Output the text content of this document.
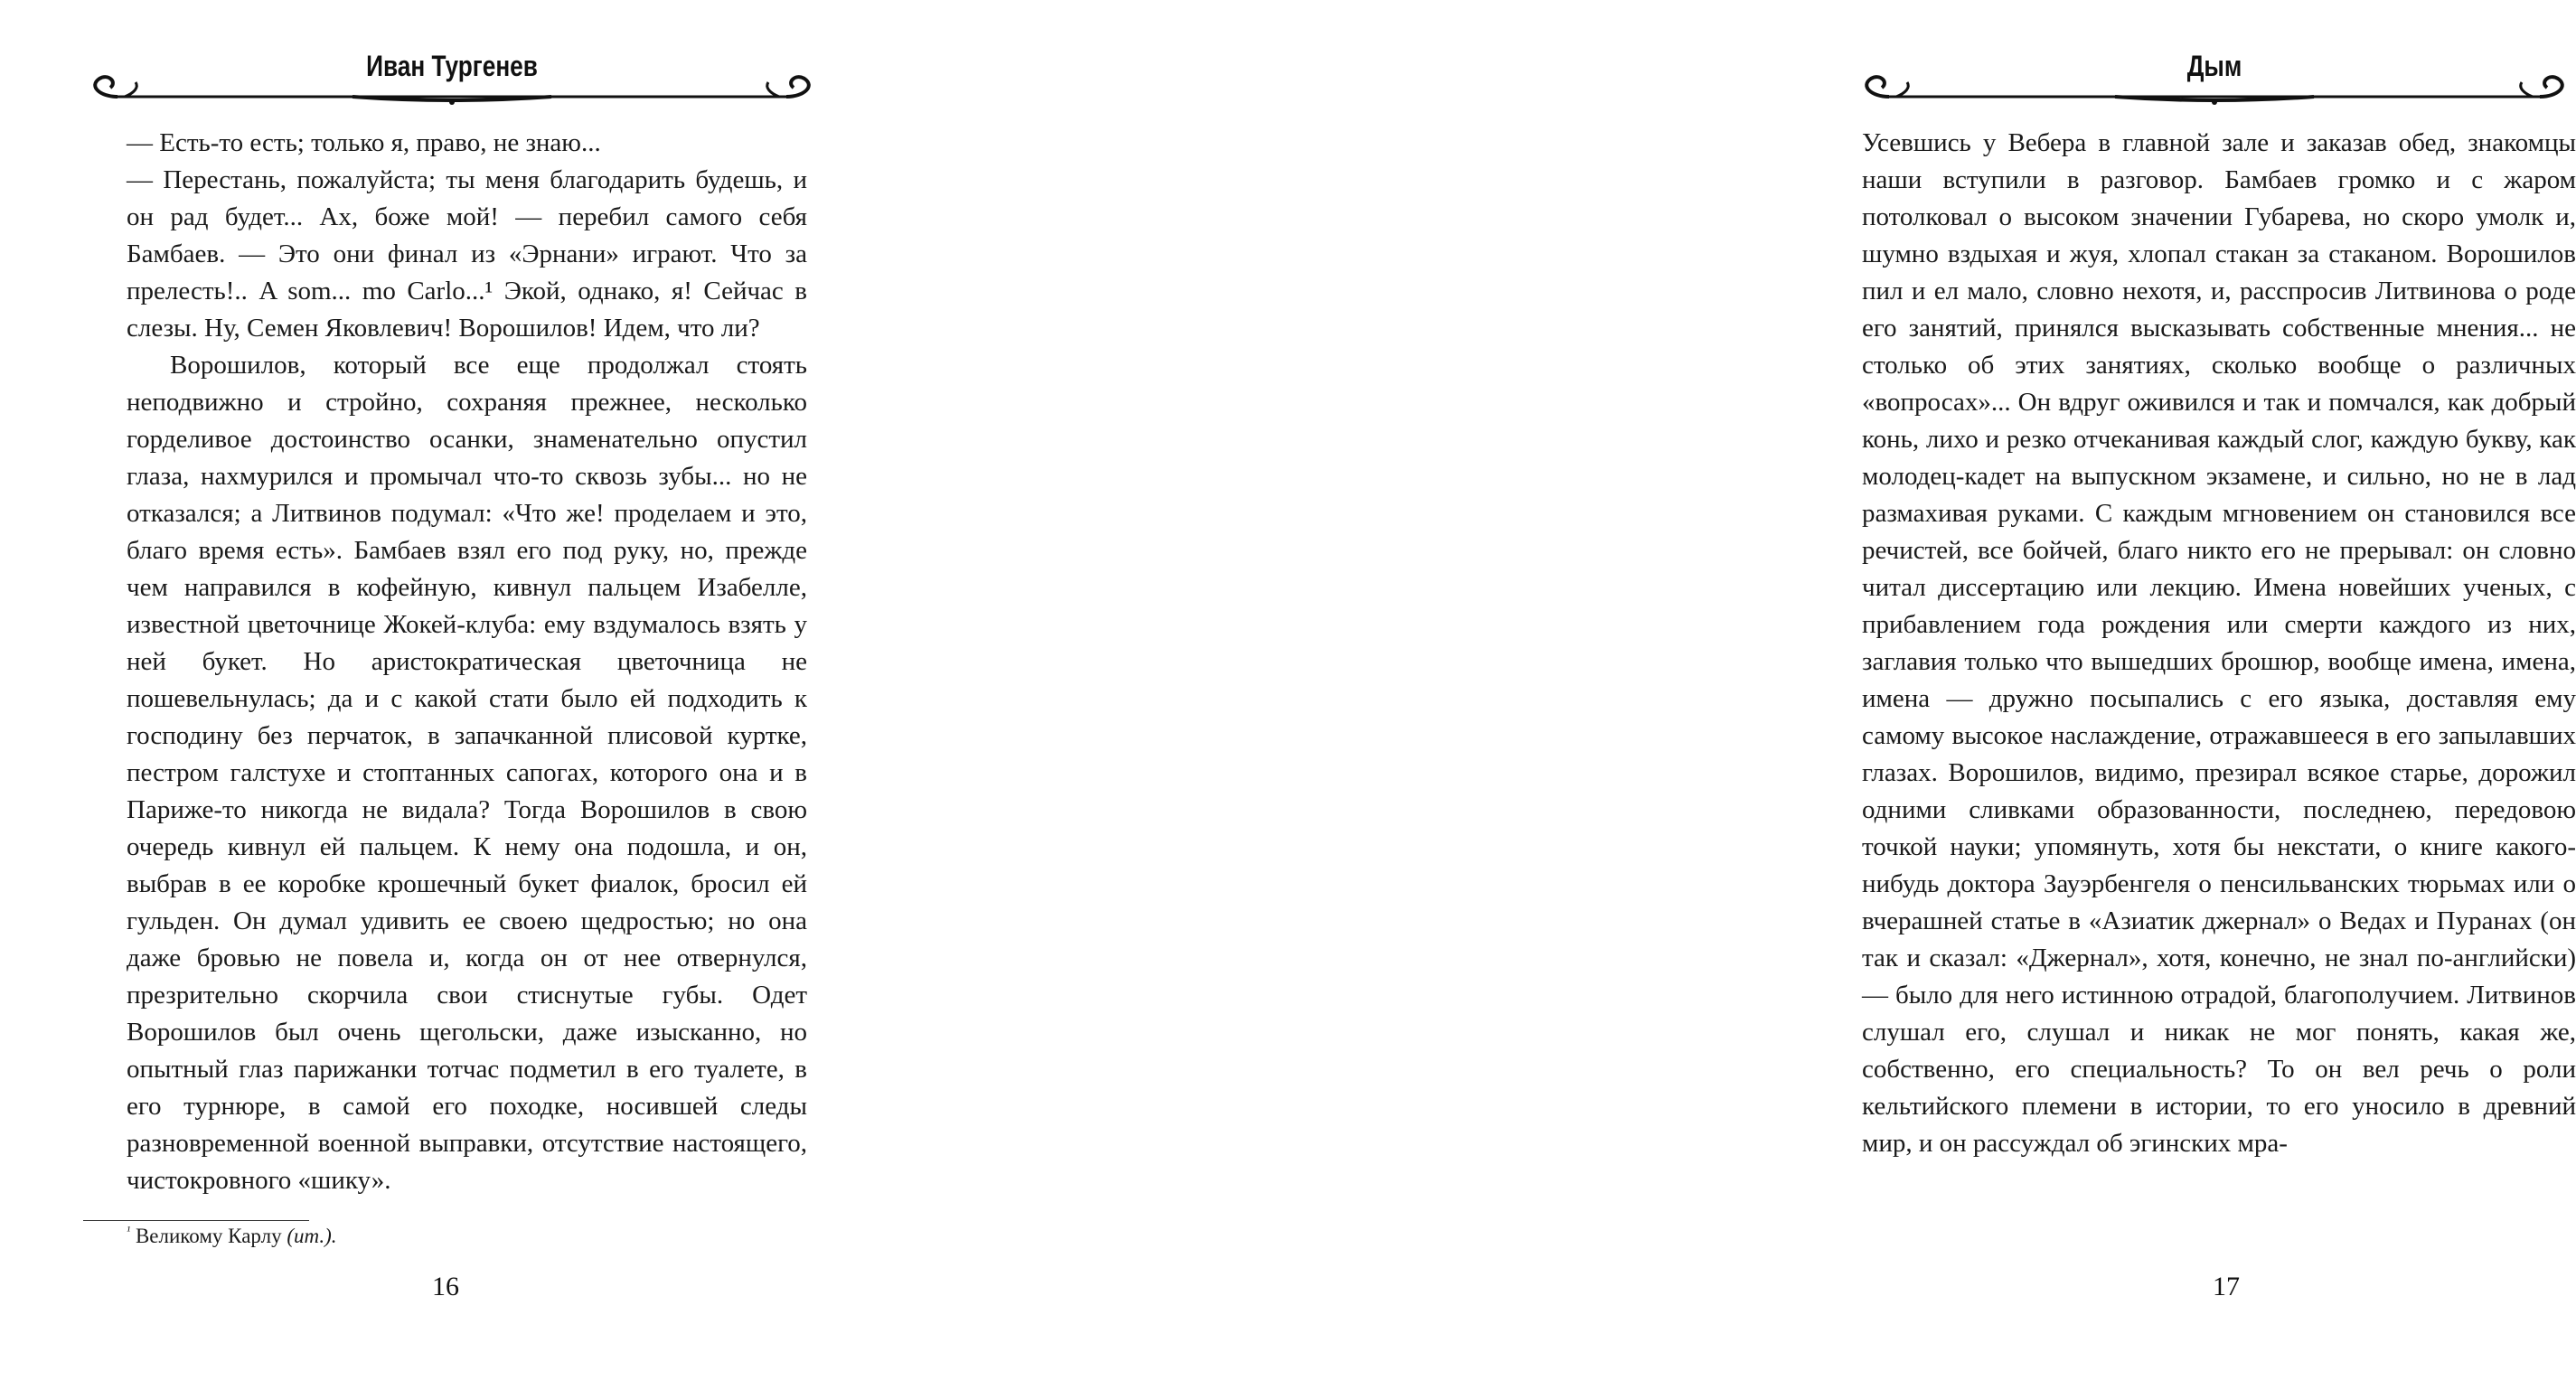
Иван Тургенев

— Есть-то есть; только я, право, не знаю...

— Перестань, пожалуйста; ты меня благодарить будешь, и он рад будет... Ах, боже мой! — перебил самого себя Бамбаев. — Это они финал из «Эрнани» играют. Что за прелесть!.. A som... mo Carlo...¹ Экой, однако, я! Сейчас в слезы. Ну, Семен Яковлевич! Ворошилов! Идем, что ли?

Ворошилов, который все еще продолжал стоять неподвижно и стройно, сохраняя прежнее, несколько горделивое достоинство осанки, знаменательно опустил глаза, нахмурился и промычал что-то сквозь зубы... но не отказался; а Литвинов подумал: «Что же! проделаем и это, благо время есть». Бамбаев взял его под руку, но, прежде чем направился в кофейную, кивнул пальцем Изабелле, известной цветочнице Жокей-клуба: ему вздумалось взять у ней букет. Но аристократическая цветочница не пошевельнулась; да и с какой стати было ей подходить к господину без перчаток, в запачканной плисовой куртке, пестром галстухе и стоптанных сапогах, которого она и в Париже-то никогда не видала? Тогда Ворошилов в свою очередь кивнул ей пальцем. К нему она подошла, и он, выбрав в ее коробке крошечный букет фиалок, бросил ей гульден. Он думал удивить ее своею щедростью; но она даже бровью не повела и, когда он от нее отвернулся, презрительно скорчила свои стиснутые губы. Одет Ворошилов был очень щегольски, даже изысканно, но опытный глаз парижанки тотчас подметил в его туалете, в его турнюре, в самой его походке, носившей следы разновременной военной выправки, отсутствие настоящего, чистокровного «шику».

$^{^1}$ Великому Карлу (ит.).
16
Дым

Усевшись у Вебера в главной зале и заказав обед, знакомцы наши вступили в разговор. Бамбаев громко и с жаром потолковал о высоком значении Губарева, но скоро умолк и, шумно вздыхая и жуя, хлопал стакан за стаканом. Ворошилов пил и ел мало, словно нехотя, и, расспросив Литвинова о роде его занятий, принялся высказывать собственные мнения... не столько об этих занятиях, сколько вообще о различных «вопросах»... Он вдруг оживился и так и помчался, как добрый конь, лихо и резко отчеканивая каждый слог, каждую букву, как молодец-кадет на выпускном экзамене, и сильно, но не в лад размахивая руками. С каждым мгновением он становился все речистей, все бойчей, благо никто его не прерывал: он словно читал диссертацию или лекцию. Имена новейших ученых, с прибавлением года рождения или смерти каждого из них, заглавия только что вышедших брошюр, вообще имена, имена, имена — дружно посыпались с его языка, доставляя ему самому высокое наслаждение, отражавшееся в его запылавших глазах. Ворошилов, видимо, презирал всякое старье, дорожил одними сливками образованности, последнею, передовою точкой науки; упомянуть, хотя бы некстати, о книге какого-нибудь доктора Зауэрбенгеля о пенсильванских тюрьмах или о вчерашней статье в «Азиатик джернал» о Ведах и Пуранах (он так и сказал: «Джернал», хотя, конечно, не знал по-английски) — было для него истинною отрадой, благополучием. Литвинов слушал его, слушал и никак не мог понять, какая же, собственно, его специальность? То он вел речь о роли кельтийского племени в истории, то его уносило в древний мир, и он рассуждал об эгинских мра-

17
